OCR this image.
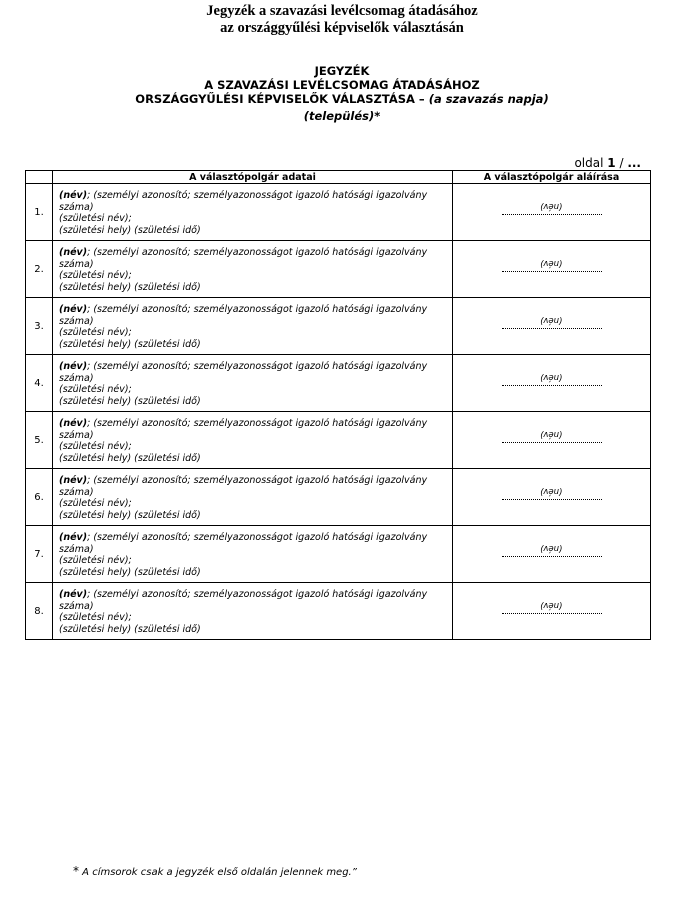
Jegyzék a szavazási levélcsomag átadásához
az országgyűlési képviselők választásán
JEGYZÉK
A SZAVAZÁSI LEVÉLCSOMAG ÁTADÁSÁHOZ
ORSZÁGGYŰLÉSI KÉPVISELŐK VÁLASZTÁSA – (a szavazás napja)
(település)*
oldal 1 / ...
	A választópolgár adatai	A választópolgár aláírása
1.	(név); (személyi azonosító; személyazonosságot igazoló hatósági igazolvány száma)
(születési név);
(születési hely) (születési idő)	(név)

2.	(név); (személyi azonosító; személyazonosságot igazoló hatósági igazolvány száma)
(születési név);
(születési hely) (születési idő)	(név)

3.	(név); (személyi azonosító; személyazonosságot igazoló hatósági igazolvány száma)
(születési név);
(születési hely) (születési idő)	(név)

4.	(név); (személyi azonosító; személyazonosságot igazoló hatósági igazolvány száma)
(születési név);
(születési hely) (születési idő)	(név)

5.	(név); (személyi azonosító; személyazonosságot igazoló hatósági igazolvány száma)
(születési név);
(születési hely) (születési idő)	(név)

6.	(név); (személyi azonosító; személyazonosságot igazoló hatósági igazolvány száma)
(születési név);
(születési hely) (születési idő)	(név)

7.	(név); (személyi azonosító; személyazonosságot igazoló hatósági igazolvány száma)
(születési név);
(születési hely) (születési idő)	(név)

8.	(név); (személyi azonosító; személyazonosságot igazoló hatósági igazolvány száma)
(születési név);
(születési hely) (születési idő)	(név)
* A címsorok csak a jegyzék első oldalán jelennek meg.”
